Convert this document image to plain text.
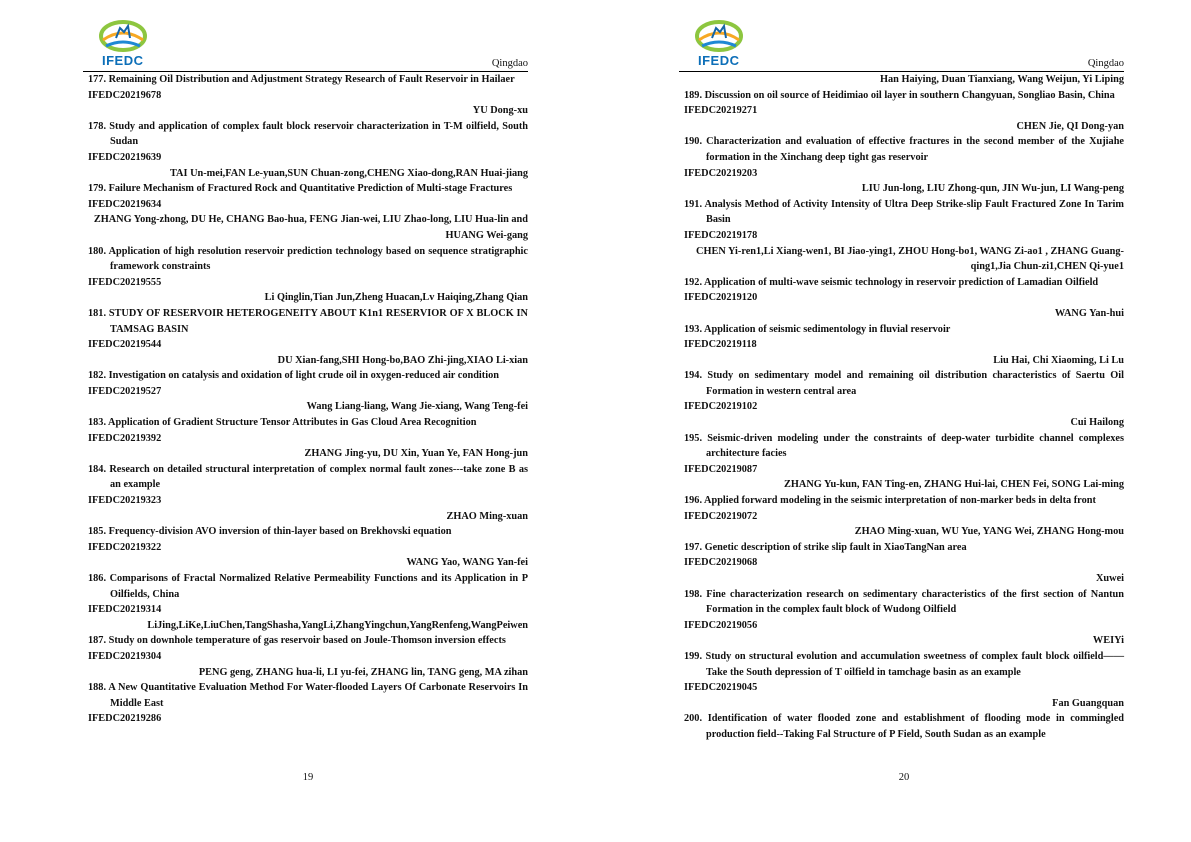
IFEDC	Qingdao
177. Remaining Oil Distribution and Adjustment Strategy Research of Fault Reservoir in Hailaer
IFEDC20219678
YU Dong-xu
178. Study and application of complex fault block reservoir characterization in T-M oilfield, South Sudan
IFEDC20219639
TAI Un-mei,FAN Le-yuan,SUN Chuan-zong,CHENG Xiao-dong,RAN Huai-jiang
179. Failure Mechanism of Fractured Rock and Quantitative Prediction of Multi-stage Fractures
IFEDC20219634
ZHANG Yong-zhong, DU He, CHANG Bao-hua, FENG Jian-wei, LIU Zhao-long, LIU Hua-lin and HUANG Wei-gang
180. Application of high resolution reservoir prediction technology based on sequence stratigraphic framework constraints
IFEDC20219555
Li Qinglin,Tian Jun,Zheng Huacan,Lv Haiqing,Zhang Qian
181. STUDY OF RESERVOIR HETEROGENEITY ABOUT K1n1 RESERVIOR OF X BLOCK IN TAMSAG BASIN
IFEDC20219544
DU Xian-fang,SHI Hong-bo,BAO Zhi-jing,XIAO Li-xian
182. Investigation on catalysis and oxidation of light crude oil in oxygen-reduced air condition
IFEDC20219527
Wang Liang-liang, Wang Jie-xiang, Wang Teng-fei
183. Application of Gradient Structure Tensor Attributes in Gas Cloud Area Recognition
IFEDC20219392
ZHANG Jing-yu, DU Xin, Yuan Ye, FAN Hong-jun
184. Research on detailed structural interpretation of complex normal fault zones---take zone B as an example
IFEDC20219323
ZHAO Ming-xuan
185. Frequency-division AVO inversion of thin-layer based on Brekhovski equation
IFEDC20219322
WANG Yao, WANG Yan-fei
186. Comparisons of Fractal Normalized Relative Permeability Functions and its Application in P Oilfields, China
IFEDC20219314
LiJing,LiKe,LiuChen,TangShasha,YangLi,ZhangYingchun,YangRenfeng,WangPeiwen
187. Study on downhole temperature of gas reservoir based on Joule-Thomson inversion effects
IFEDC20219304
PENG geng, ZHANG hua-li, LI yu-fei, ZHANG lin, TANG geng, MA zihan
188. A New Quantitative Evaluation Method For Water-flooded Layers Of Carbonate Reservoirs In Middle East
IFEDC20219286
19
IFEDC	Qingdao
Han Haiying, Duan Tianxiang, Wang Weijun, Yi Liping
189. Discussion on oil source of Heidimiao oil layer in southern Changyuan, Songliao Basin, China
IFEDC20219271
CHEN Jie, QI Dong-yan
190. Characterization and evaluation of effective fractures in the second member of the Xujiahe formation in the Xinchang deep tight gas reservoir
IFEDC20219203
LIU Jun-long, LIU Zhong-qun, JIN Wu-jun, LI Wang-peng
191. Analysis Method of Activity Intensity of Ultra Deep Strike-slip Fault Fractured Zone In Tarim Basin
IFEDC20219178
CHEN Yi-ren1,Li Xiang-wen1, BI Jiao-ying1, ZHOU Hong-bo1, WANG Zi-ao1 , ZHANG Guang-qing1,Jia Chun-zi1,CHEN Qi-yue1
192. Application of multi-wave seismic technology in reservoir prediction of Lamadian Oilfield
IFEDC20219120
WANG Yan-hui
193. Application of seismic sedimentology in fluvial reservoir
IFEDC20219118
Liu Hai, Chi Xiaoming, Li Lu
194. Study on sedimentary model and remaining oil distribution characteristics of Saertu Oil Formation in western central area
IFEDC20219102
Cui Hailong
195. Seismic-driven modeling under the constraints of deep-water turbidite channel complexes architecture facies
IFEDC20219087
ZHANG Yu-kun, FAN Ting-en, ZHANG Hui-lai, CHEN Fei, SONG Lai-ming
196. Applied forward modeling in the seismic interpretation of non-marker beds in delta front
IFEDC20219072
ZHAO Ming-xuan, WU Yue, YANG Wei, ZHANG Hong-mou
197. Genetic description of strike slip fault in XiaoTangNan area
IFEDC20219068
Xuwei
198. Fine characterization research on sedimentary characteristics of the first section of Nantun Formation in the complex fault block of Wudong Oilfield
IFEDC20219056
WEIYi
199. Study on structural evolution and accumulation sweetness of complex fault block oilfield——Take the South depression of T oilfield in tamchage basin as an example
IFEDC20219045
Fan Guangquan
200. Identification of water flooded zone and establishment of flooding mode in commingled production field--Taking Fal Structure of P Field, South Sudan as an example
20
